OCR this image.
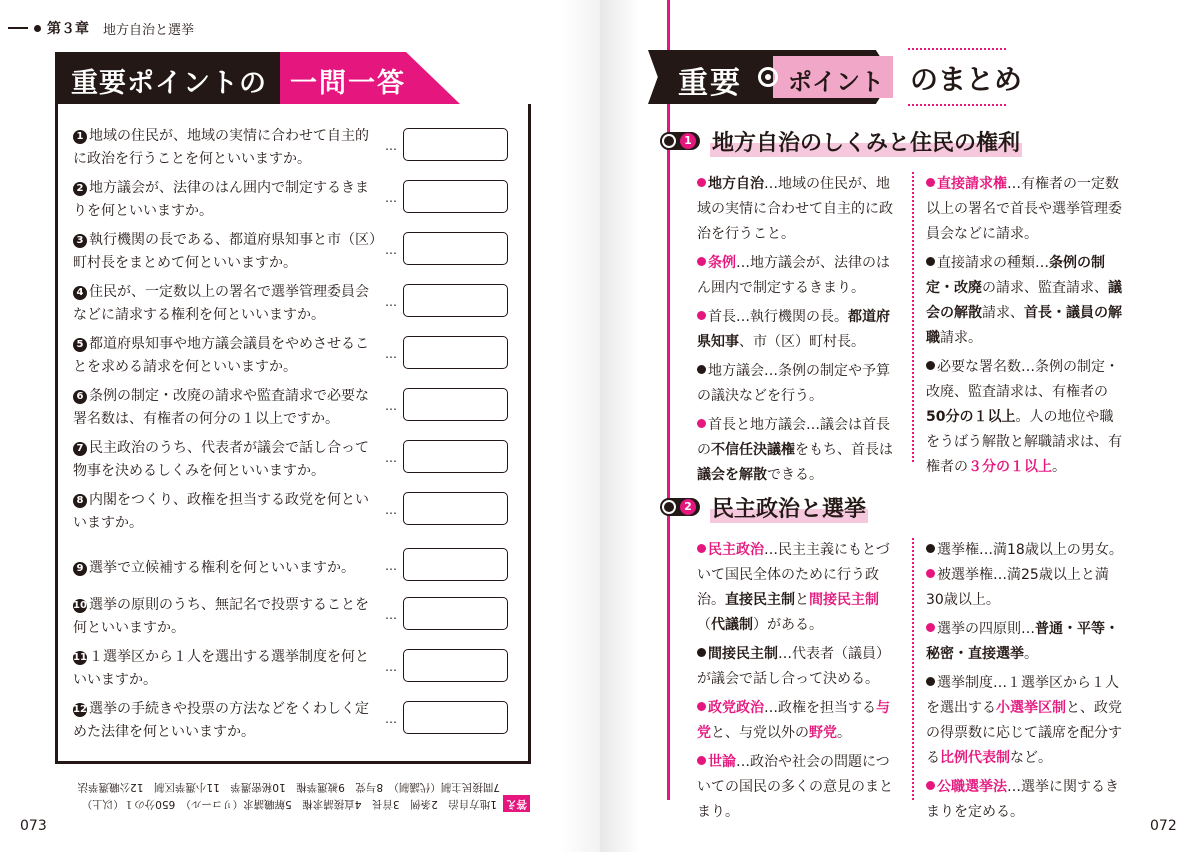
第３章 地方自治と選挙
重要ポイントの 一問一答
1 地域の住民が、地域の実情に合わせて自主的に政治を行うことを何といいますか。
…
2 地方議会が、法律のはん囲内で制定するきまりを何といいますか。
…
3 執行機関の長である、都道府県知事と市（区）町村長をまとめて何といいますか。
…
4 住民が、一定数以上の署名で選挙管理委員会などに請求する権利を何といいますか。
…
5 都道府県知事や地方議会議員をやめさせることを求める請求を何といいますか。
…
6 条例の制定・改廃の請求や監査請求で必要な署名数は、有権者の何分の１以上ですか。
…
7 民主政治のうち、代表者が議会で話し合って物事を決めるしくみを何といいますか。
…
8 内閣をつくり、政権を担当する政党を何といいますか。
…
9 選挙で立候補する権利を何といいますか。	…
10 選挙の原則のうち、無記名で投票することを何といいますか。
…
11 １選挙区から１人を選出する選挙制度を何といいますか。
…
12 選挙の手続きや投票の方法などをくわしく定めた法律を何といいますか。
…
答え1地方自治　2条例　3首長　4直接請求権　5解職請求（リコール）　650分の１（以上）
7間接民主制（代議制）　8与党　9被選挙権　10秘密選挙　11小選挙区制　12公職選挙法
073
重要 ポイント のまとめ
1 地方自治のしくみと住民の権利

地方自治…地域の住民が、地域の実情に合わせて自主的に政治を行うこと。

条例…地方議会が、法律のはん囲内で制定するきまり。

首長…執行機関の長。都道府県知事、市（区）町村長。

地方議会…条例の制定や予算の議決などを行う。

首長と地方議会…議会は首長の不信任決議権をもち、首長は議会を解散できる。

直接請求権…有権者の一定数以上の署名で首長や選挙管理委員会などに請求。

直接請求の種類…条例の制定・改廃の請求、監査請求、議会の解散請求、首長・議員の解職請求。

必要な署名数…条例の制定・改廃、監査請求は、有権者の50分の１以上。人の地位や職をうばう解散と解職請求は、有権者の３分の１以上。

2 民主政治と選挙

民主政治…民主主義にもとづいて国民全体のために行う政治。直接民主制と間接民主制（代議制）がある。

間接民主制…代表者（議員）が議会で話し合って決める。

政党政治…政権を担当する与党と、与党以外の野党。

世論…政治や社会の問題についての国民の多くの意見のまとまり。

選挙権…満18歳以上の男女。

被選挙権…満25歳以上と満30歳以上。

選挙の四原則…普通・平等・秘密・直接選挙。

選挙制度…１選挙区から１人を選出する小選挙区制と、政党の得票数に応じて議席を配分する比例代表制など。

公職選挙法…選挙に関するきまりを定める。

072
